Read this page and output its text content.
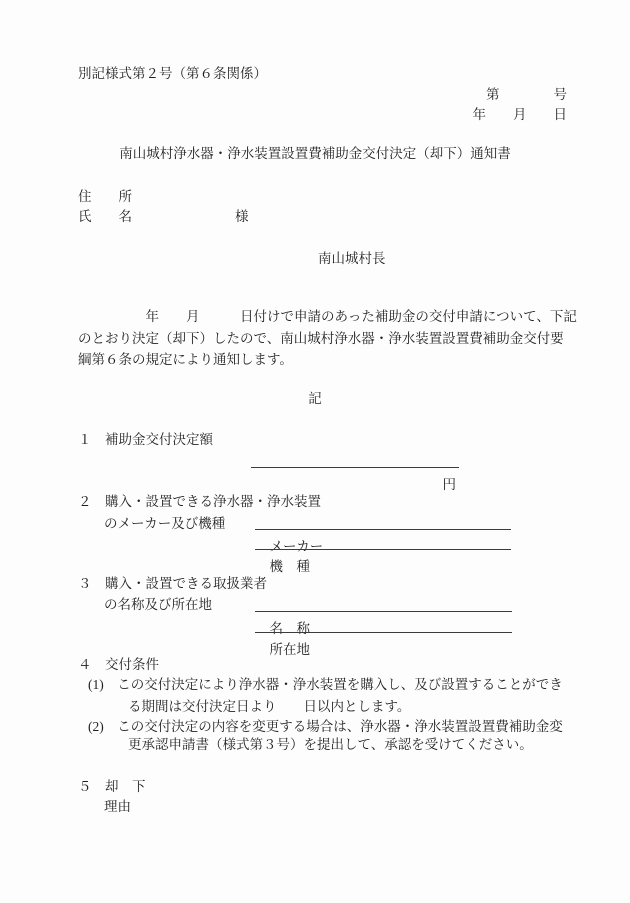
別記様式第２号（第６条関係）
第　　　　号
年　　月　　日
南山城村浄水器・浄水装置設置費補助金交付決定（却下）通知書
住　　所
氏　　名	様
南山城村長
　　　　　年　　月　　　日付けで申請のあった補助金の交付申請について、下記
のとおり決定（却下）したので、南山城村浄水器・浄水装置設置費補助金交付要
綱第６条の規定により通知します。
記
１　補助金交付決定額

円

２　購入・設置できる浄水器・浄水装置
のメーカー及び機種

メーカー

機　種

３　購入・設置できる取扱業者
の名称及び所在地

名　称

所在地

４　交付条件
(1)　この交付決定により浄水器・浄水装置を購入し、及び設置することができ
る期間は交付決定日より　　日以内とします。
(2)　この交付決定の内容を変更する場合は、浄水器・浄水装置設置費補助金変
更承認申請書（様式第３号）を提出して、承認を受けてください。
５　却　下
理由
